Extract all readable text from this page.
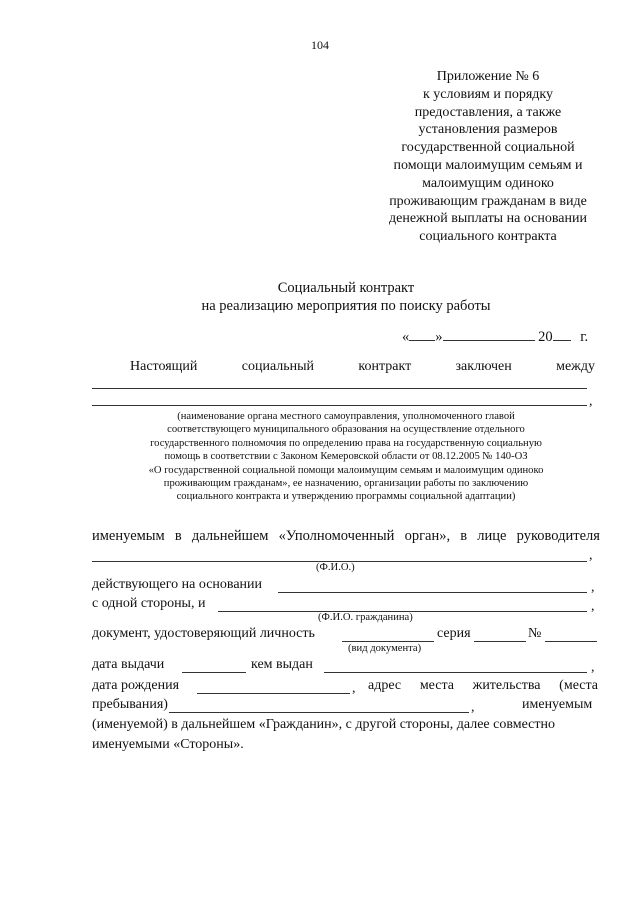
104
Приложение № 6
к условиям и порядку
предоставления, а также
установления размеров
государственной социальной
помощи малоимущим семьям и
малоимущим одиноко
проживающим гражданам в виде
денежной выплаты на основании
социального контракта
Социальный контракт
на реализацию мероприятия по поиску работы
« »	20 г.
Настоящий	социальный	контракт	заключен	между
,
(наименование органа местного самоуправления, уполномоченного главой
соответствующего муниципального образования на осуществление отдельного
государственного полномочия по определению права на государственную социальную
помощь в соответствии с Законом Кемеровской области от 08.12.2005 № 140-ОЗ
«О государственной социальной помощи малоимущим семьям и малоимущим одиноко
проживающим гражданам», ее назначению, организации работы по заключению
социального контракта и утверждению программы социальной адаптации)
именуемым в дальнейшем «Уполномоченный орган», в лице руководителя
,
(Ф.И.О.)
действующего на основании	,
с одной стороны, и	,
(Ф.И.О. гражданина)
документ, удостоверяющий личность	серия	№
(вид документа)
дата выдачи	кем выдан	,
дата рождения	, адрес места жительства (места
пребывания)	,	именуемым
(именуемой) в дальнейшем «Гражданин», с другой стороны, далее совместно
именуемыми «Стороны».
